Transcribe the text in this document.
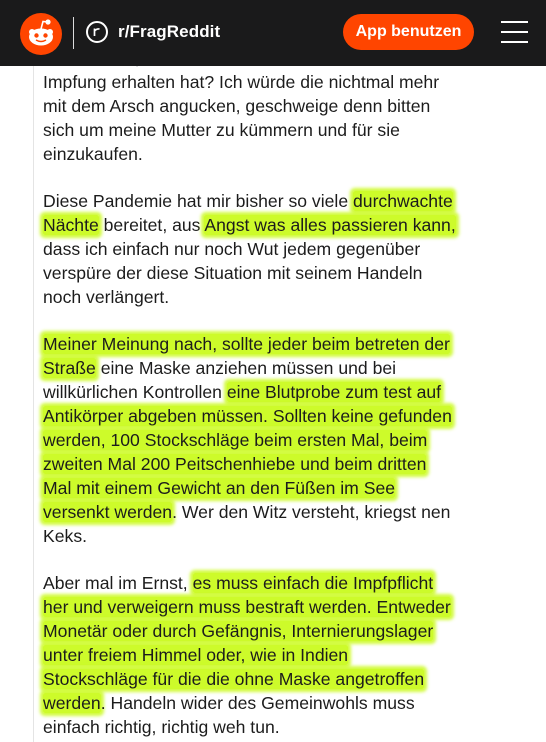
Impfung erhalten hat? Ich würde die nichtmal mehr
mit dem Arsch angucken, geschweige denn bitten
sich um meine Mutter zu kümmern und für sie
einzukaufen.
Diese Pandemie hat mir bisher so viele durchwachte
Nächte bereitet, aus Angst was alles passieren kann,
dass ich einfach nur noch Wut jedem gegenüber
verspüre der diese Situation mit seinem Handeln
noch verlängert.
Meiner Meinung nach, sollte jeder beim betreten der
Straße eine Maske anziehen müssen und bei
willkürlichen Kontrollen eine Blutprobe zum test auf
Antikörper abgeben müssen. Sollten keine gefunden
werden, 100 Stockschläge beim ersten Mal, beim
zweiten Mal 200 Peitschenhiebe und beim dritten
Mal mit einem Gewicht an den Füßen im See
versenkt werden. Wer den Witz versteht, kriegst nen
Keks.
Aber mal im Ernst, es muss einfach die Impfpflicht
her und verweigern muss bestraft werden. Entweder
Monetär oder durch Gefängnis, Internierungslager
unter freiem Himmel oder, wie in Indien
Stockschläge für die die ohne Maske angetroffen
werden. Handeln wider des Gemeinwohls muss
einfach richtig, richtig weh tun.
r/FragReddit	App benutzen
